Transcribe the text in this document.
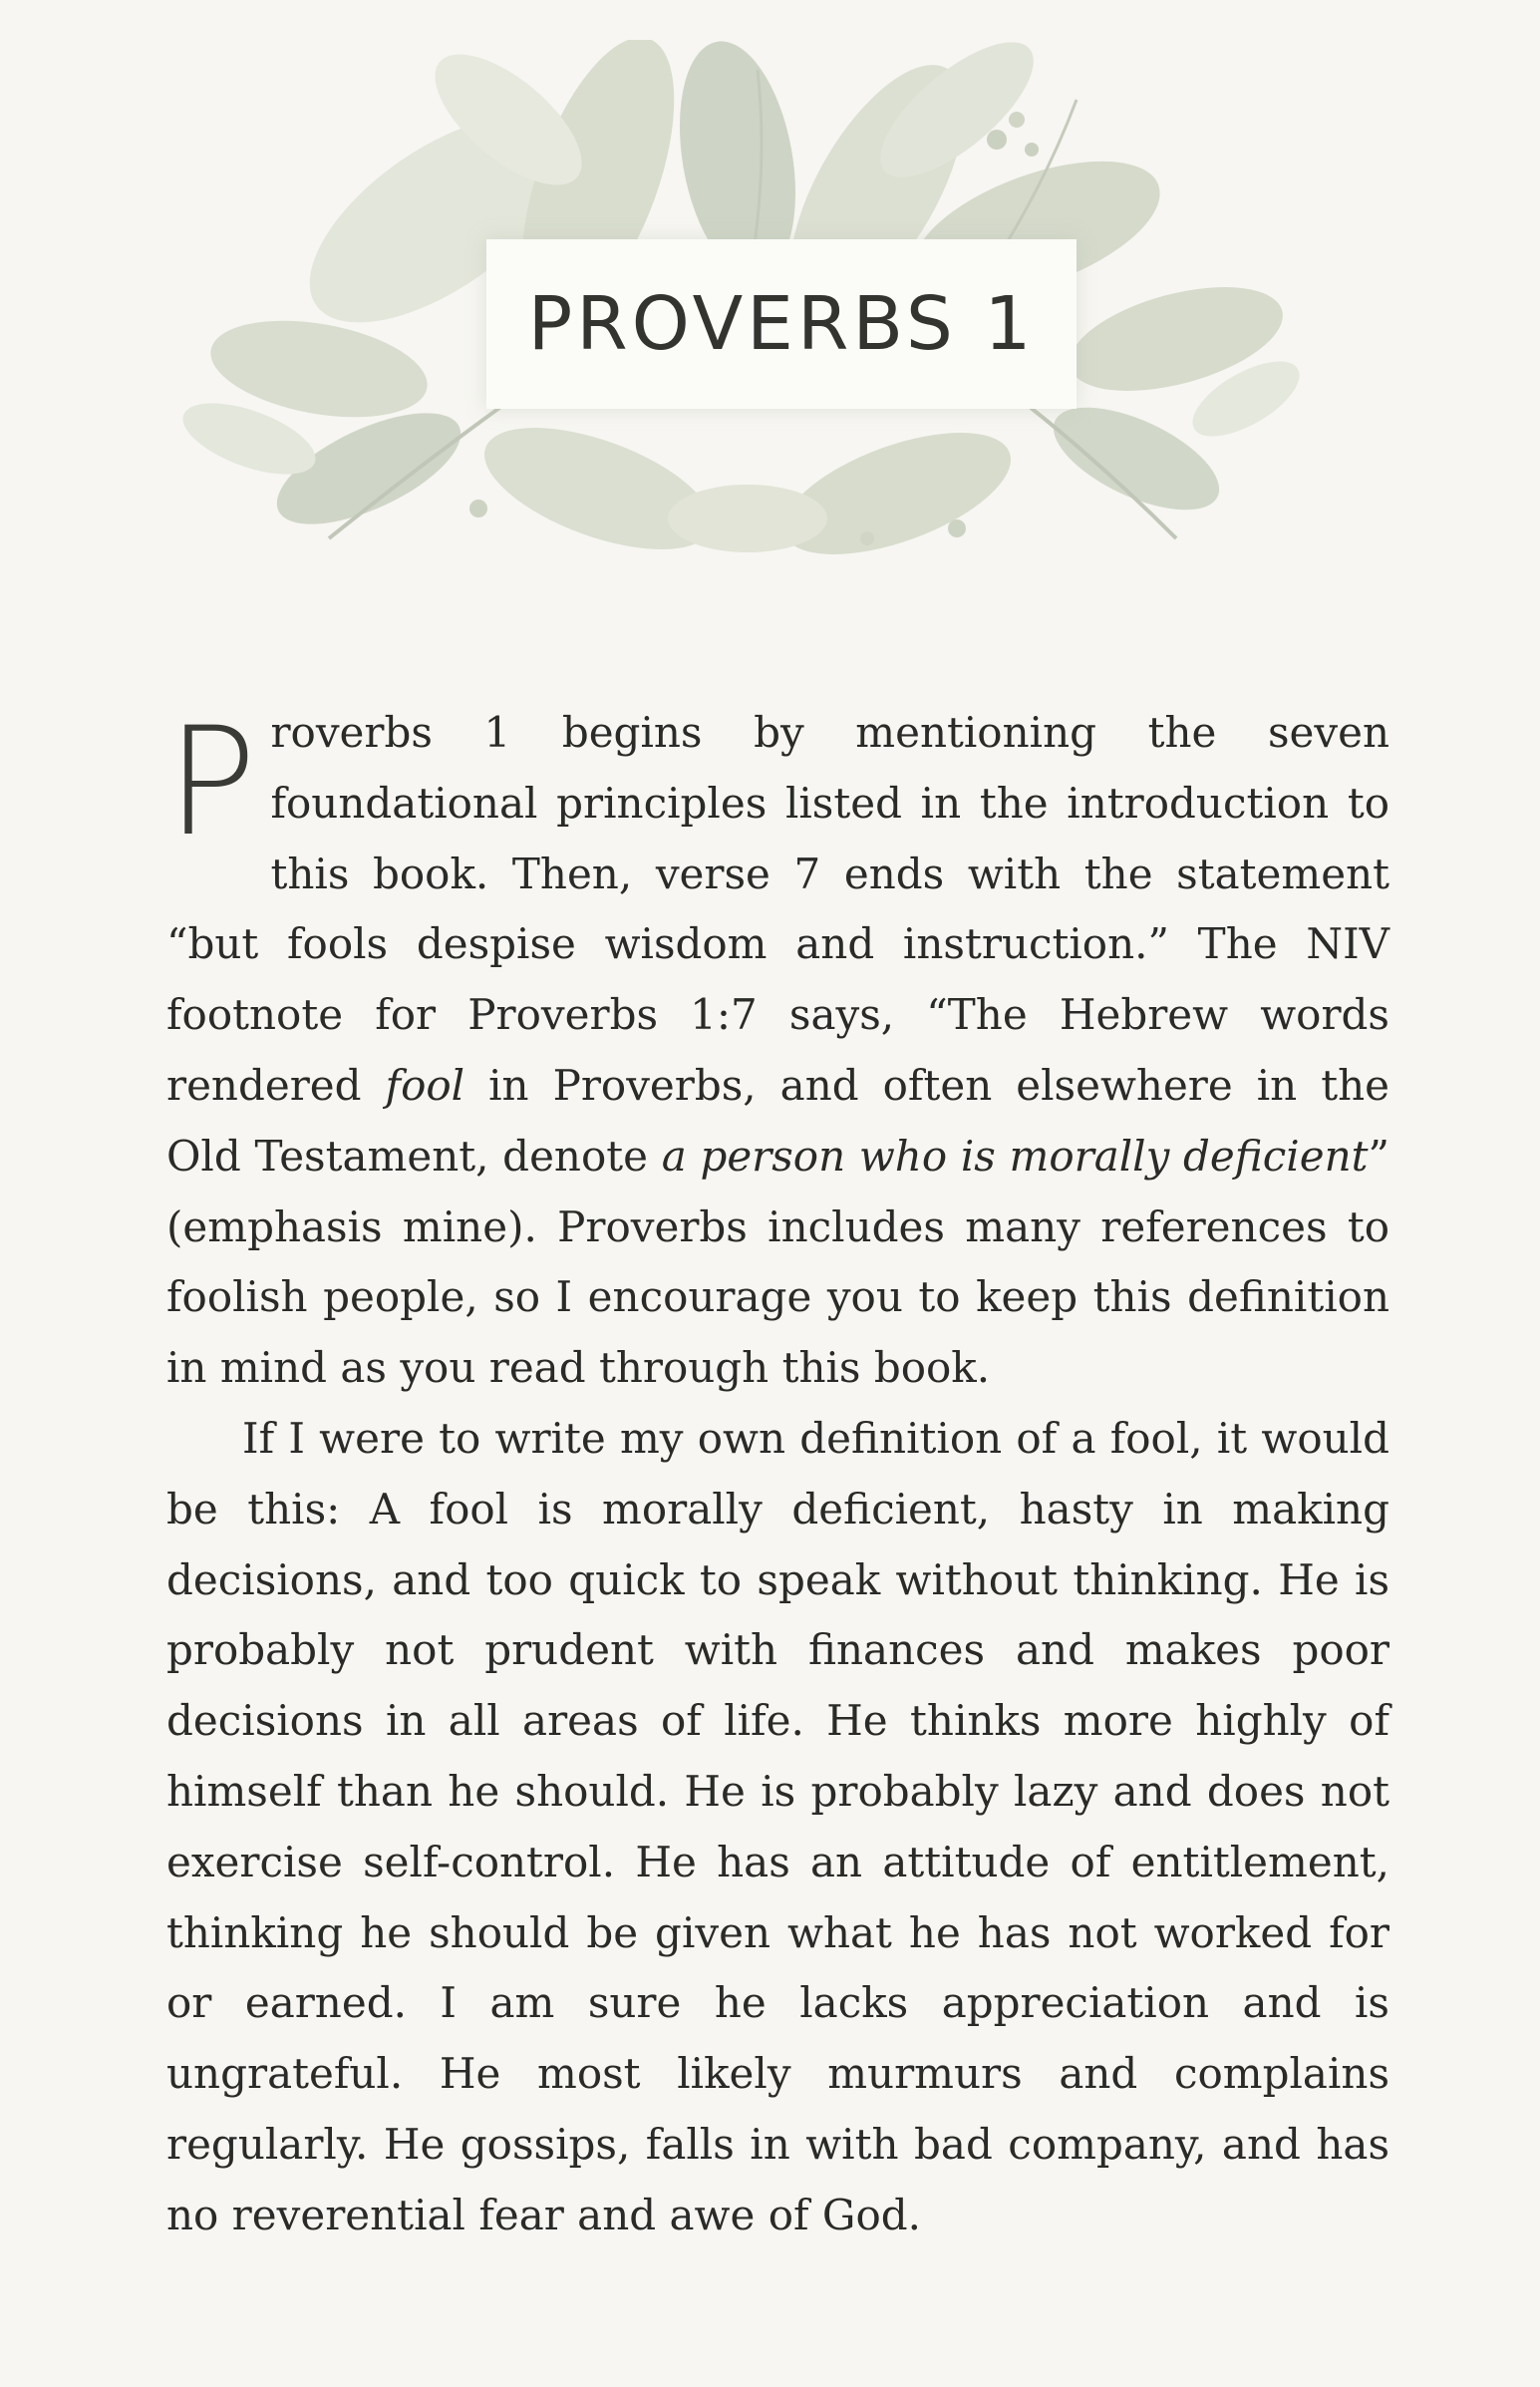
PROVERBS 1

Proverbs 1 begins by mentioning the seven foundational principles listed in the introduction to this book. Then, verse 7 ends with the statement “but fools despise wisdom and instruction.” The NIV footnote for Proverbs 1:7 says, “The Hebrew words rendered fool in Proverbs, and often elsewhere in the Old Testament, denote a person who is morally deficient” (emphasis mine). Proverbs includes many references to foolish people, so I encourage you to keep this definition in mind as you read through this book.

If I were to write my own definition of a fool, it would be this: A fool is morally deficient, hasty in making decisions, and too quick to speak without thinking. He is probably not prudent with finances and makes poor decisions in all areas of life. He thinks more highly of himself than he should. He is probably lazy and does not exercise self-control. He has an attitude of entitlement, thinking he should be given what he has not worked for or earned. I am sure he lacks appreciation and is ungrateful. He most likely murmurs and complains regularly. He gossips, falls in with bad company, and has no reverential fear and awe of God.
